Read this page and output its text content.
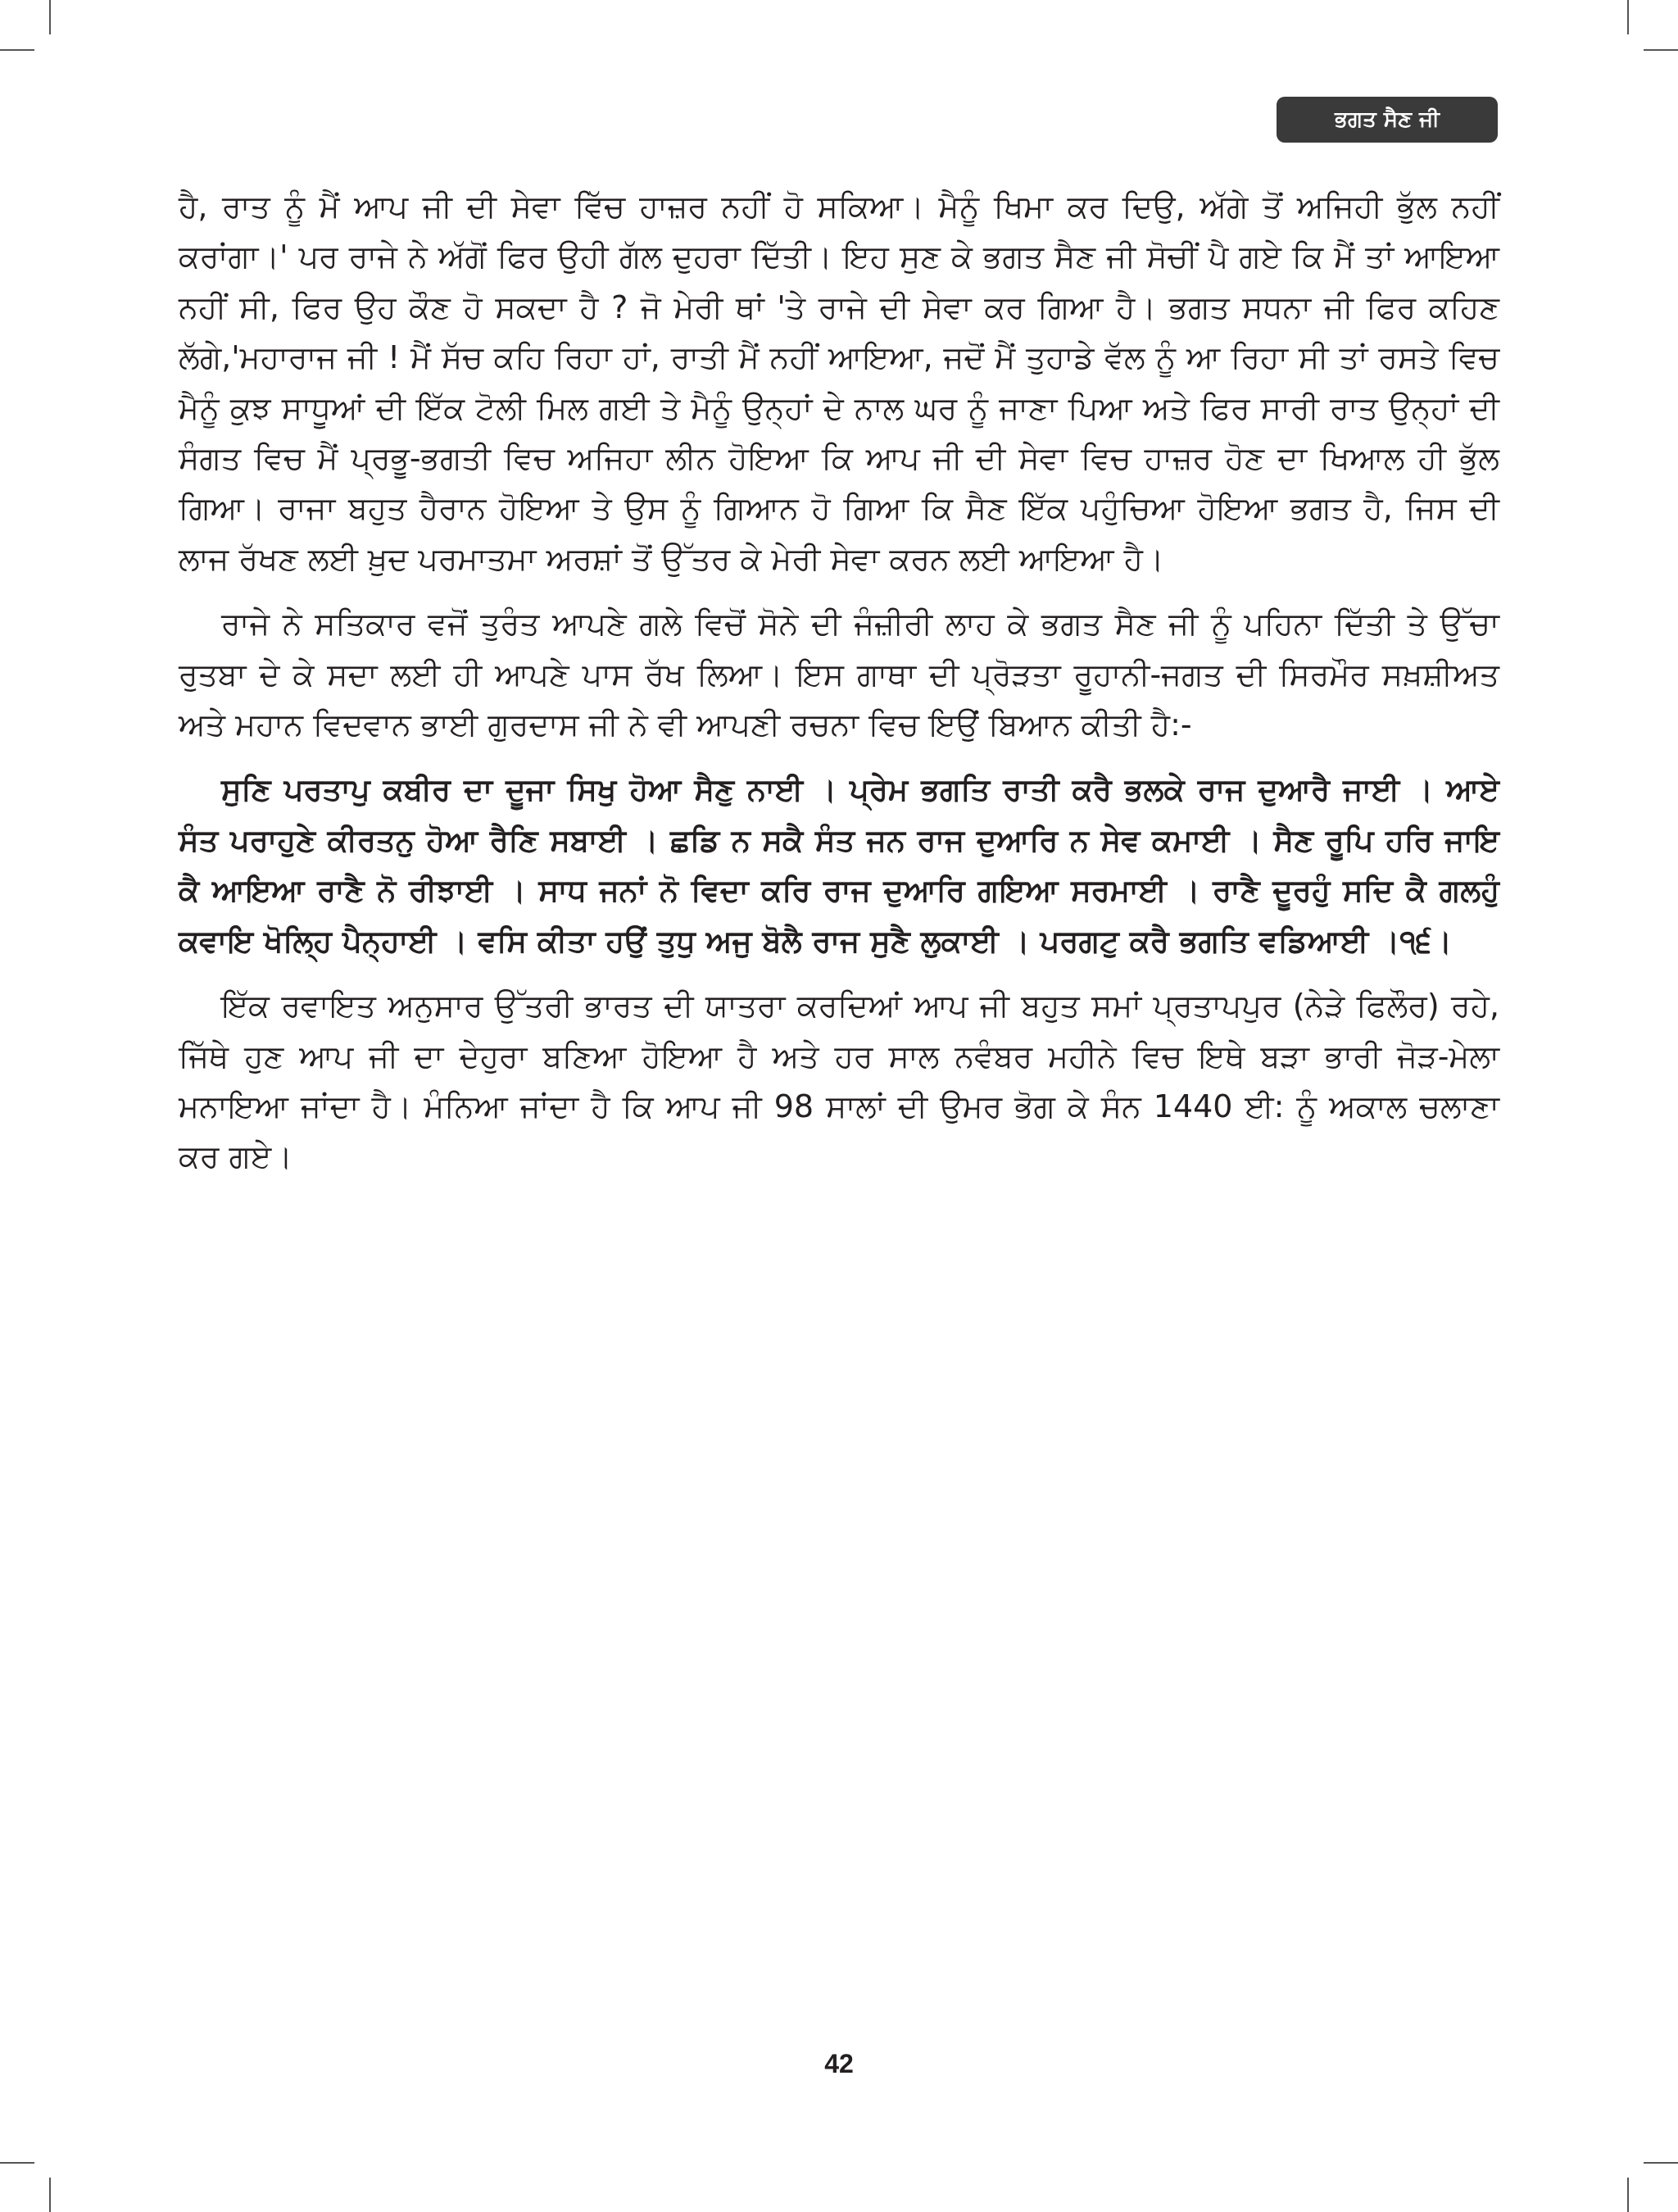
ਭਗਤ ਸੈਣ ਜੀ

ਹੈ, ਰਾਤ ਨੂੰ ਮੈਂ ਆਪ ਜੀ ਦੀ ਸੇਵਾ ਵਿੱਚ ਹਾਜ਼ਰ ਨਹੀਂ ਹੋ ਸਕਿਆ। ਮੈਨੂੰ ਖਿਮਾ ਕਰ ਦਿਉ, ਅੱਗੇ ਤੋਂ ਅਜਿਹੀ ਭੁੱਲ ਨਹੀਂ ਕਰਾਂਗਾ।' ਪਰ ਰਾਜੇ ਨੇ ਅੱਗੋਂ ਫਿਰ ਉਹੀ ਗੱਲ ਦੁਹਰਾ ਦਿੱਤੀ। ਇਹ ਸੁਣ ਕੇ ਭਗਤ ਸੈਣ ਜੀ ਸੋਚੀਂ ਪੈ ਗਏ ਕਿ ਮੈਂ ਤਾਂ ਆਇਆ ਨਹੀਂ ਸੀ, ਫਿਰ ਉਹ ਕੌਣ ਹੋ ਸਕਦਾ ਹੈ ? ਜੋ ਮੇਰੀ ਥਾਂ 'ਤੇ ਰਾਜੇ ਦੀ ਸੇਵਾ ਕਰ ਗਿਆ ਹੈ। ਭਗਤ ਸਧਨਾ ਜੀ ਫਿਰ ਕਹਿਣ ਲੱਗੇ,'ਮਹਾਰਾਜ ਜੀ ! ਮੈਂ ਸੱਚ ਕਹਿ ਰਿਹਾ ਹਾਂ, ਰਾਤੀ ਮੈਂ ਨਹੀਂ ਆਇਆ, ਜਦੋਂ ਮੈਂ ਤੁਹਾਡੇ ਵੱਲ ਨੂੰ ਆ ਰਿਹਾ ਸੀ ਤਾਂ ਰਸਤੇ ਵਿਚ ਮੈਨੂੰ ਕੁਝ ਸਾਧੂਆਂ ਦੀ ਇੱਕ ਟੋਲੀ ਮਿਲ ਗਈ ਤੇ ਮੈਨੂੰ ਉਨ੍ਹਾਂ ਦੇ ਨਾਲ ਘਰ ਨੂੰ ਜਾਣਾ ਪਿਆ ਅਤੇ ਫਿਰ ਸਾਰੀ ਰਾਤ ਉਨ੍ਹਾਂ ਦੀ ਸੰਗਤ ਵਿਚ ਮੈਂ ਪ੍ਰਭੂ-ਭਗਤੀ ਵਿਚ ਅਜਿਹਾ ਲੀਨ ਹੋਇਆ ਕਿ ਆਪ ਜੀ ਦੀ ਸੇਵਾ ਵਿਚ ਹਾਜ਼ਰ ਹੋਣ ਦਾ ਖਿਆਲ ਹੀ ਭੁੱਲ ਗਿਆ। ਰਾਜਾ ਬਹੁਤ ਹੈਰਾਨ ਹੋਇਆ ਤੇ ਉਸ ਨੂੰ ਗਿਆਨ ਹੋ ਗਿਆ ਕਿ ਸੈਣ ਇੱਕ ਪਹੁੰਚਿਆ ਹੋਇਆ ਭਗਤ ਹੈ, ਜਿਸ ਦੀ ਲਾਜ ਰੱਖਣ ਲਈ ਖ਼ੁਦ ਪਰਮਾਤਮਾ ਅਰਸ਼ਾਂ ਤੋਂ ਉੱਤਰ ਕੇ ਮੇਰੀ ਸੇਵਾ ਕਰਨ ਲਈ ਆਇਆ ਹੈ।

ਰਾਜੇ ਨੇ ਸਤਿਕਾਰ ਵਜੋਂ ਤੁਰੰਤ ਆਪਣੇ ਗਲੇ ਵਿਚੋਂ ਸੋਨੇ ਦੀ ਜੰਜ਼ੀਰੀ ਲਾਹ ਕੇ ਭਗਤ ਸੈਣ ਜੀ ਨੂੰ ਪਹਿਨਾ ਦਿੱਤੀ ਤੇ ਉੱਚਾ ਰੁਤਬਾ ਦੇ ਕੇ ਸਦਾ ਲਈ ਹੀ ਆਪਣੇ ਪਾਸ ਰੱਖ ਲਿਆ। ਇਸ ਗਾਥਾ ਦੀ ਪ੍ਰੋੜਤਾ ਰੂਹਾਨੀ-ਜਗਤ ਦੀ ਸਿਰਮੌਰ ਸਖ਼ਸ਼ੀਅਤ ਅਤੇ ਮਹਾਨ ਵਿਦਵਾਨ ਭਾਈ ਗੁਰਦਾਸ ਜੀ ਨੇ ਵੀ ਆਪਣੀ ਰਚਨਾ ਵਿਚ ਇਉਂ ਬਿਆਨ ਕੀਤੀ ਹੈ:-

ਸੁਣਿ ਪਰਤਾਪੁ ਕਬੀਰ ਦਾ ਦੂਜਾ ਸਿਖੁ ਹੋਆ ਸੈਣੁ ਨਾਈ । ਪ੍ਰੇਮ ਭਗਤਿ ਰਾਤੀ ਕਰੈ ਭਲਕੇ ਰਾਜ ਦੁਆਰੈ ਜਾਈ । ਆਏ ਸੰਤ ਪਰਾਹੁਣੇ ਕੀਰਤਨੁ ਹੋਆ ਰੈਣਿ ਸਬਾਈ । ਛਡਿ ਨ ਸਕੈ ਸੰਤ ਜਨ ਰਾਜ ਦੁਆਰਿ ਨ ਸੇਵ ਕਮਾਈ । ਸੈਣ ਰੂਪਿ ਹਰਿ ਜਾਇ ਕੈ ਆਇਆ ਰਾਣੈ ਨੋ ਰੀਝਾਈ । ਸਾਧ ਜਨਾਂ ਨੋ ਵਿਦਾ ਕਰਿ ਰਾਜ ਦੁਆਰਿ ਗਇਆ ਸਰਮਾਈ । ਰਾਣੈ ਦੂਰਹੁੰ ਸਦਿ ਕੈ ਗਲਹੁੰ ਕਵਾਇ ਖੋਲ੍ਹਿ ਪੈਨ੍ਹਾਈ । ਵਸਿ ਕੀਤਾ ਹਉਂ ਤੁਧੁ ਅਜੁ ਬੋਲੈ ਰਾਜ ਸੁਣੈ ਲੁਕਾਈ । ਪਰਗਟੁ ਕਰੈ ਭਗਤਿ ਵਡਿਆਈ ।੧੬।

ਇੱਕ ਰਵਾਇਤ ਅਨੁਸਾਰ ਉੱਤਰੀ ਭਾਰਤ ਦੀ ਯਾਤਰਾ ਕਰਦਿਆਂ ਆਪ ਜੀ ਬਹੁਤ ਸਮਾਂ ਪ੍ਰਤਾਪਪੁਰ (ਨੇੜੇ ਫਿਲੌਰ) ਰਹੇ, ਜਿੱਥੇ ਹੁਣ ਆਪ ਜੀ ਦਾ ਦੇਹੁਰਾ ਬਣਿਆ ਹੋਇਆ ਹੈ ਅਤੇ ਹਰ ਸਾਲ ਨਵੰਬਰ ਮਹੀਨੇ ਵਿਚ ਇਥੇ ਬੜਾ ਭਾਰੀ ਜੋੜ-ਮੇਲਾ ਮਨਾਇਆ ਜਾਂਦਾ ਹੈ। ਮੰਨਿਆ ਜਾਂਦਾ ਹੈ ਕਿ ਆਪ ਜੀ 98 ਸਾਲਾਂ ਦੀ ਉਮਰ ਭੋਗ ਕੇ ਸੰਨ 1440 ਈ: ਨੂੰ ਅਕਾਲ ਚਲਾਣਾ ਕਰ ਗਏ।

42
